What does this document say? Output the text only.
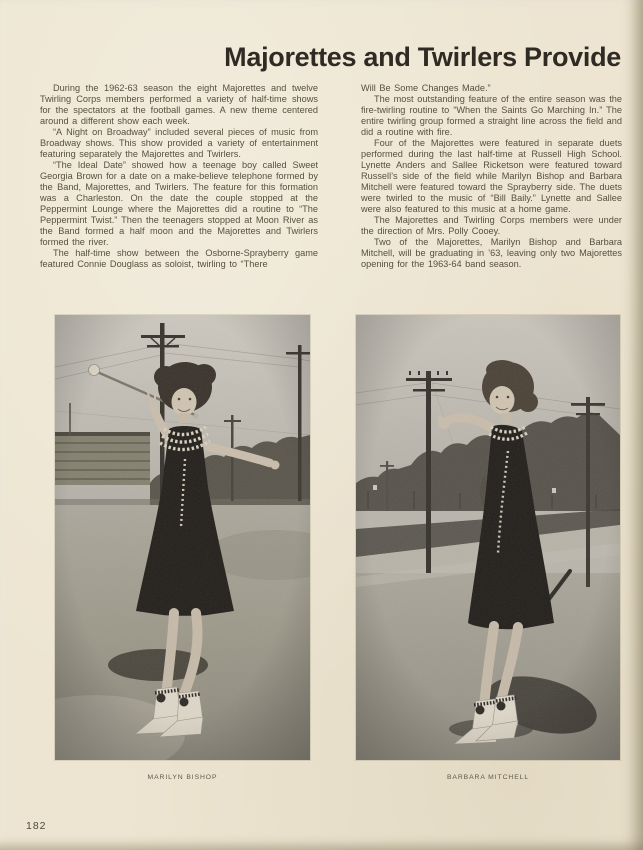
Majorettes and Twirlers Provide

During the 1962-63 season the eight Majorettes and twelve Twirling Corps members performed a variety of half-time shows for the spectators at the football games. A new theme centered around a different show each week.

“A Night on Broadway” included several pieces of music from Broadway shows. This show provided a variety of entertainment featuring separately the Majorettes and Twirlers.

“The Ideal Date” showed how a teenage boy called Sweet Georgia Brown for a date on a make-believe telephone formed by the Band, Majorettes, and Twirlers. The feature for this formation was a Charleston. On the date the couple stopped at the Peppermint Lounge where the Majorettes did a routine to “The Peppermint Twist.” Then the teenagers stopped at Moon River as the Band formed a half moon and the Majorettes and Twirlers formed the river.

The half-time show between the Osborne-Sprayberry game featured Connie Douglass as soloist, twirling to “There

Will Be Some Changes Made.”

The most outstanding feature of the entire season was the fire-twirling routine to “When the Saints Go Marching In.” The entire twirling group formed a straight line across the field and did a routine with fire.

Four of the Majorettes were featured in separate duets performed during the last half-time at Russell High School. Lynette Anders and Sallee Ricketson were featured toward Russell’s side of the field while Marilyn Bishop and Barbara Mitchell were featured toward the Sprayberry side. The duets were twirled to the music of “Bill Baily.” Lynette and Sallee were also featured to this music at a home game.

The Majorettes and Twirling Corps members were under the direction of Mrs. Polly Cooey.

Two of the Majorettes, Marilyn Bishop and Barbara Mitchell, will be graduating in ’63, leaving only two Majorettes opening for the 1963-64 band season.

MARILYN BISHOP	BARBARA MITCHELL
182
